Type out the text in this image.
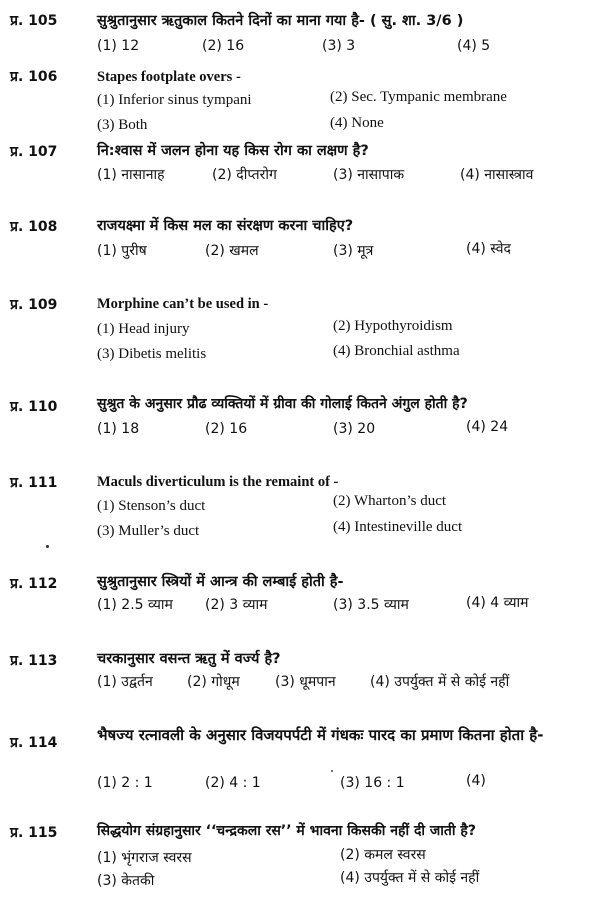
प्र. 105	सुश्रुतानुसार ऋतुकाल कितने दिनों का माना गया है- ( सु. शा. 3/6 )
(1) 12	(2) 16	(3) 3	(4) 5
प्र. 106	Stapes footplate overs -
(1) Inferior sinus tympani	(2) Sec. Tympanic membrane
(3) Both	(4) None
प्र. 107	नि:श्वास में जलन होना यह किस रोग का लक्षण है?
(1) नासानाह	(2) दीप्तरोग	(3) नासापाक	(4) नासास्त्राव
प्र. 108	राजयक्ष्मा में किस मल का संरक्षण करना चाहिए?
(1) पुरीष	(2) खमल	(3) मूत्र	(4) स्वेद
प्र. 109	Morphine can’t be used in -
(1) Head injury	(2) Hypothyroidism
(3) Dibetis melitis	(4) Bronchial asthma
प्र. 110	सुश्रुत के अनुसार प्रौढ व्यक्तियों में ग्रीवा की गोलाई कितने अंगुल होती है?
(1) 18	(2) 16	(3) 20	(4) 24
प्र. 111	Maculs diverticulum is the remaint of -
(1) Stenson’s duct	(2) Wharton’s duct
(3) Muller’s duct	(4) Intestineville duct
प्र. 112	सुश्रुतानुसार स्त्रियों में आन्त्र की लम्बाई होती है-
(1) 2.5 व्याम (2) 3 व्याम	(3) 3.5 व्याम	(4) 4 व्याम
प्र. 113	चरकानुसार वसन्त ऋतु में वर्ज्य है?
(1) उद्वर्तन (2) गोधूम	(3) धूमपान (4) उपर्युक्त में से कोई नहीं
प्र. 114	भैषज्य रत्नावली के अनुसार विजयपर्पटी में गंधकः पारद का प्रमाण कितना होता है-
(1) 2 : 1	(2) 4 : 1	(3) 16 : 1	(4)
प्र. 115	सिद्धयोग संग्रहानुसार ‘‘चन्द्रकला रस’’ में भावना किसकी नहीं दी जाती है?
(1) भृंगराज स्वरस	(2) कमल स्वरस
(3) केतकी	(4) उपर्युक्त में से कोई नहीं
